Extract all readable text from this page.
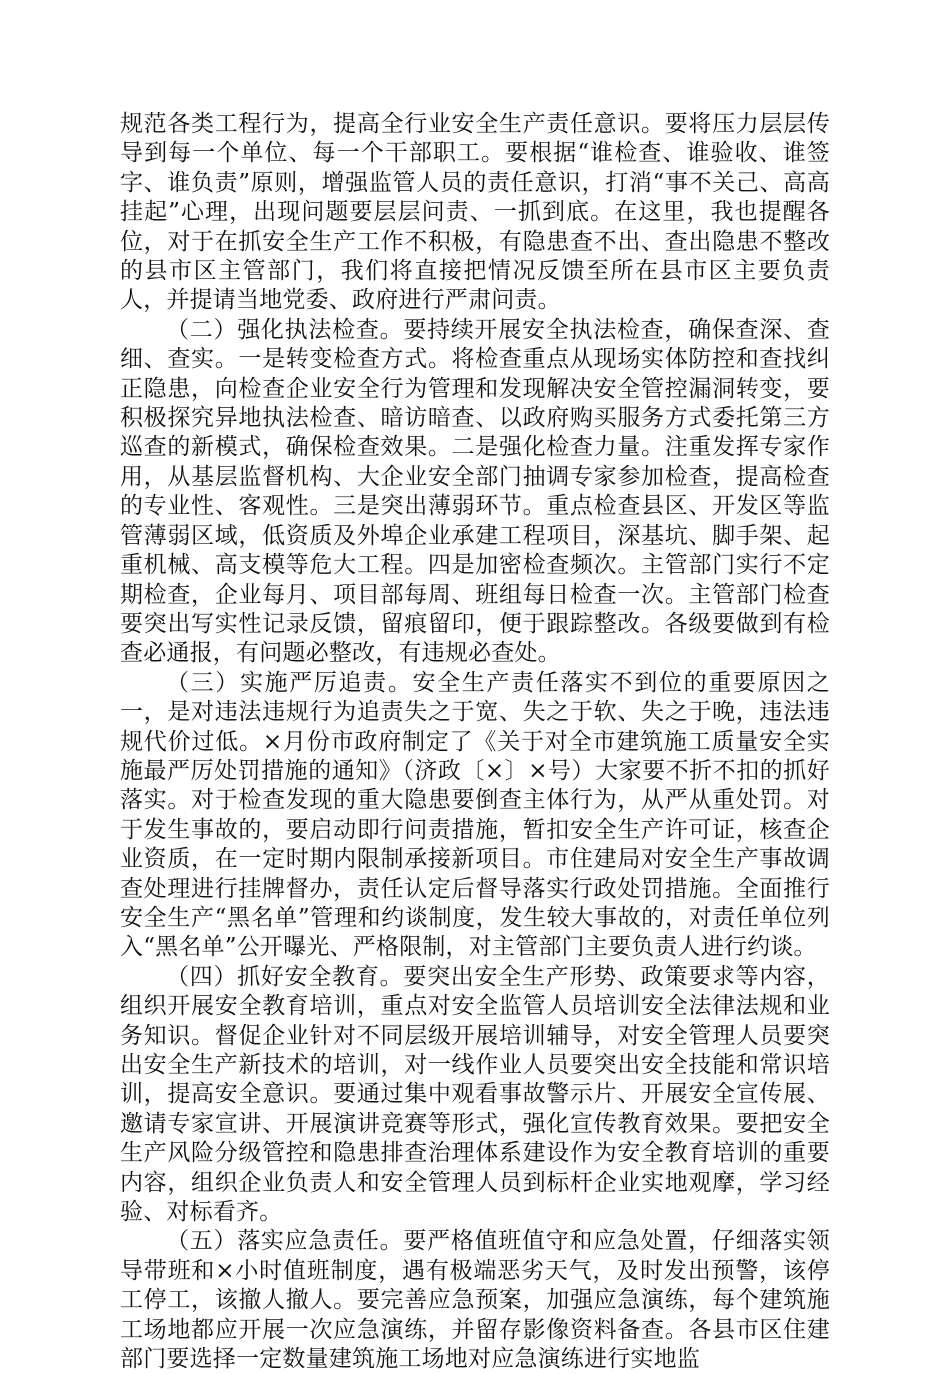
规范各类工程行为，提高全行业安全生产责任意识。要将压力层层传导到每一个单位、每一个干部职工。要根据“谁检查、谁验收、谁签字、谁负责”原则，增强监管人员的责任意识，打消“事不关己、高高挂起”心理，出现问题要层层问责、一抓到底。在这里，我也提醒各位，对于在抓安全生产工作不积极，有隐患查不出、查出隐患不整改的县市区主管部门，我们将直接把情况反馈至所在县市区主要负责人，并提请当地党委、政府进行严肃问责。

（二）强化执法检查。要持续开展安全执法检查，确保查深、查细、查实。一是转变检查方式。将检查重点从现场实体防控和查找纠正隐患，向检查企业安全行为管理和发现解决安全管控漏洞转变，要积极探究异地执法检查、暗访暗查、以政府购买服务方式委托第三方巡查的新模式，确保检查效果。二是强化检查力量。注重发挥专家作用，从基层监督机构、大企业安全部门抽调专家参加检查，提高检查的专业性、客观性。三是突出薄弱环节。重点检查县区、开发区等监管薄弱区域，低资质及外埠企业承建工程项目，深基坑、脚手架、起重机械、高支模等危大工程。四是加密检查频次。主管部门实行不定期检查，企业每月、项目部每周、班组每日检查一次。主管部门检查要突出写实性记录反馈，留痕留印，便于跟踪整改。各级要做到有检查必通报，有问题必整改，有违规必查处。

（三）实施严厉追责。安全生产责任落实不到位的重要原因之一，是对违法违规行为追责失之于宽、失之于软、失之于晚，违法违规代价过低。×月份市政府制定了《关于对全市建筑施工质量安全实施最严厉处罚措施的通知》（济政〔×〕×号）大家要不折不扣的抓好落实。对于检查发现的重大隐患要倒查主体行为，从严从重处罚。对于发生事故的，要启动即行问责措施，暂扣安全生产许可证，核查企业资质，在一定时期内限制承接新项目。市住建局对安全生产事故调查处理进行挂牌督办，责任认定后督导落实行政处罚措施。全面推行安全生产“黑名单”管理和约谈制度，发生较大事故的，对责任单位列入“黑名单”公开曝光、严格限制，对主管部门主要负责人进行约谈。

（四）抓好安全教育。要突出安全生产形势、政策要求等内容，组织开展安全教育培训，重点对安全监管人员培训安全法律法规和业务知识。督促企业针对不同层级开展培训辅导，对安全管理人员要突出安全生产新技术的培训，对一线作业人员要突出安全技能和常识培训，提高安全意识。要通过集中观看事故警示片、开展安全宣传展、邀请专家宣讲、开展演讲竞赛等形式，强化宣传教育效果。要把安全生产风险分级管控和隐患排查治理体系建设作为安全教育培训的重要内容，组织企业负责人和安全管理人员到标杆企业实地观摩，学习经验、对标看齐。

（五）落实应急责任。要严格值班值守和应急处置，仔细落实领导带班和×小时值班制度，遇有极端恶劣天气，及时发出预警，该停工停工，该撤人撤人。要完善应急预案，加强应急演练，每个建筑施工场地都应开展一次应急演练，并留存影像资料备查。各县市区住建部门要选择一定数量建筑施工场地对应急演练进行实地监
